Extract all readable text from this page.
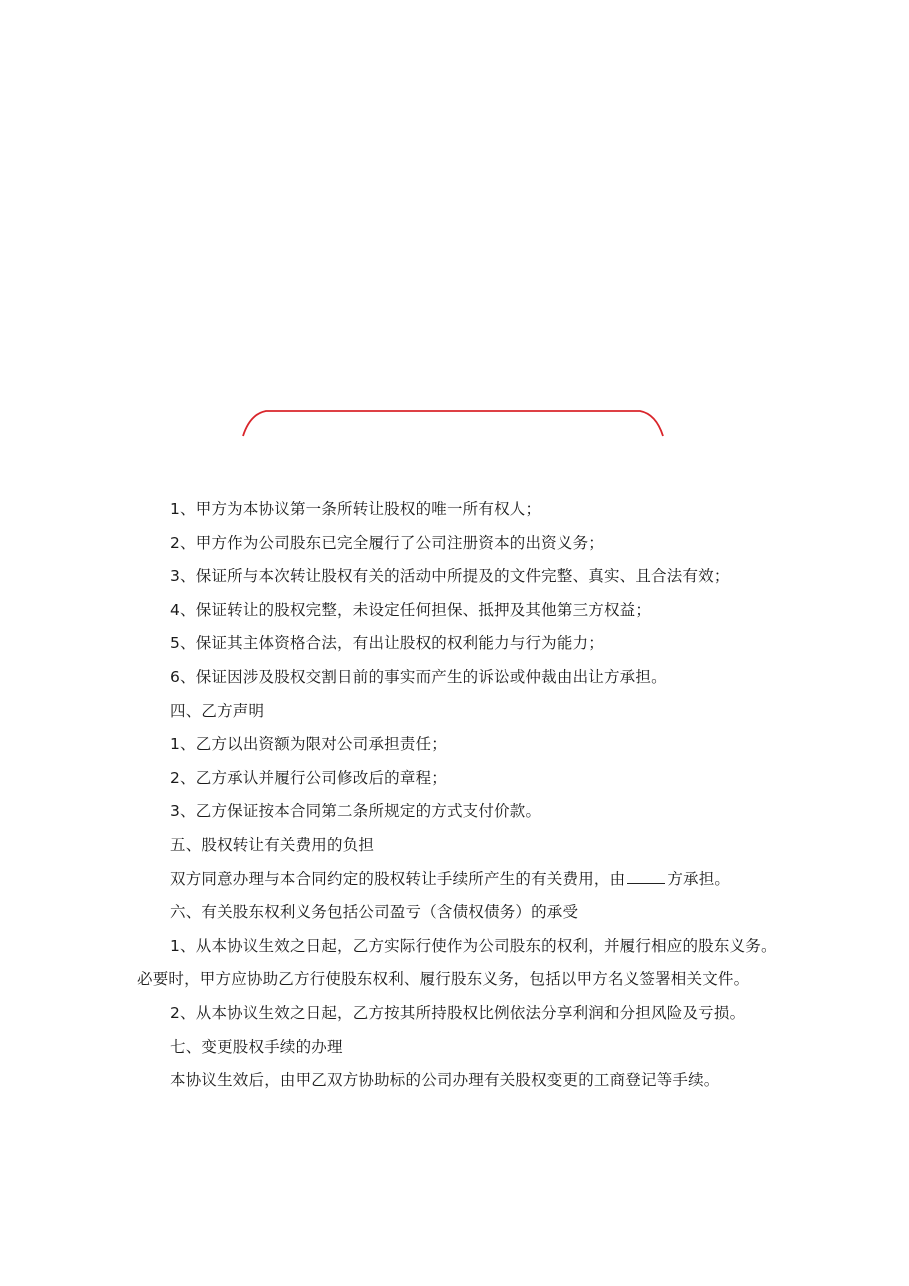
1、甲方为本协议第一条所转让股权的唯一所有权人；

2、甲方作为公司股东已完全履行了公司注册资本的出资义务；

3、保证所与本次转让股权有关的活动中所提及的文件完整、真实、且合法有效；

4、保证转让的股权完整，未设定任何担保、抵押及其他第三方权益；

5、保证其主体资格合法，有出让股权的权利能力与行为能力；

6、保证因涉及股权交割日前的事实而产生的诉讼或仲裁由出让方承担。

四、乙方声明

1、乙方以出资额为限对公司承担责任；

2、乙方承认并履行公司修改后的章程；

3、乙方保证按本合同第二条所规定的方式支付价款。

五、股权转让有关费用的负担

双方同意办理与本合同约定的股权转让手续所产生的有关费用，由	方承担。

六、有关股东权利义务包括公司盈亏（含债权债务）的承受

1、从本协议生效之日起，乙方实际行使作为公司股东的权利，并履行相应的股东义务。必要时，甲方应协助乙方行使股东权利、履行股东义务，包括以甲方名义签署相关文件。

2、从本协议生效之日起，乙方按其所持股权比例依法分享利润和分担风险及亏损。

七、变更股权手续的办理

本协议生效后，由甲乙双方协助标的公司办理有关股权变更的工商登记等手续。
